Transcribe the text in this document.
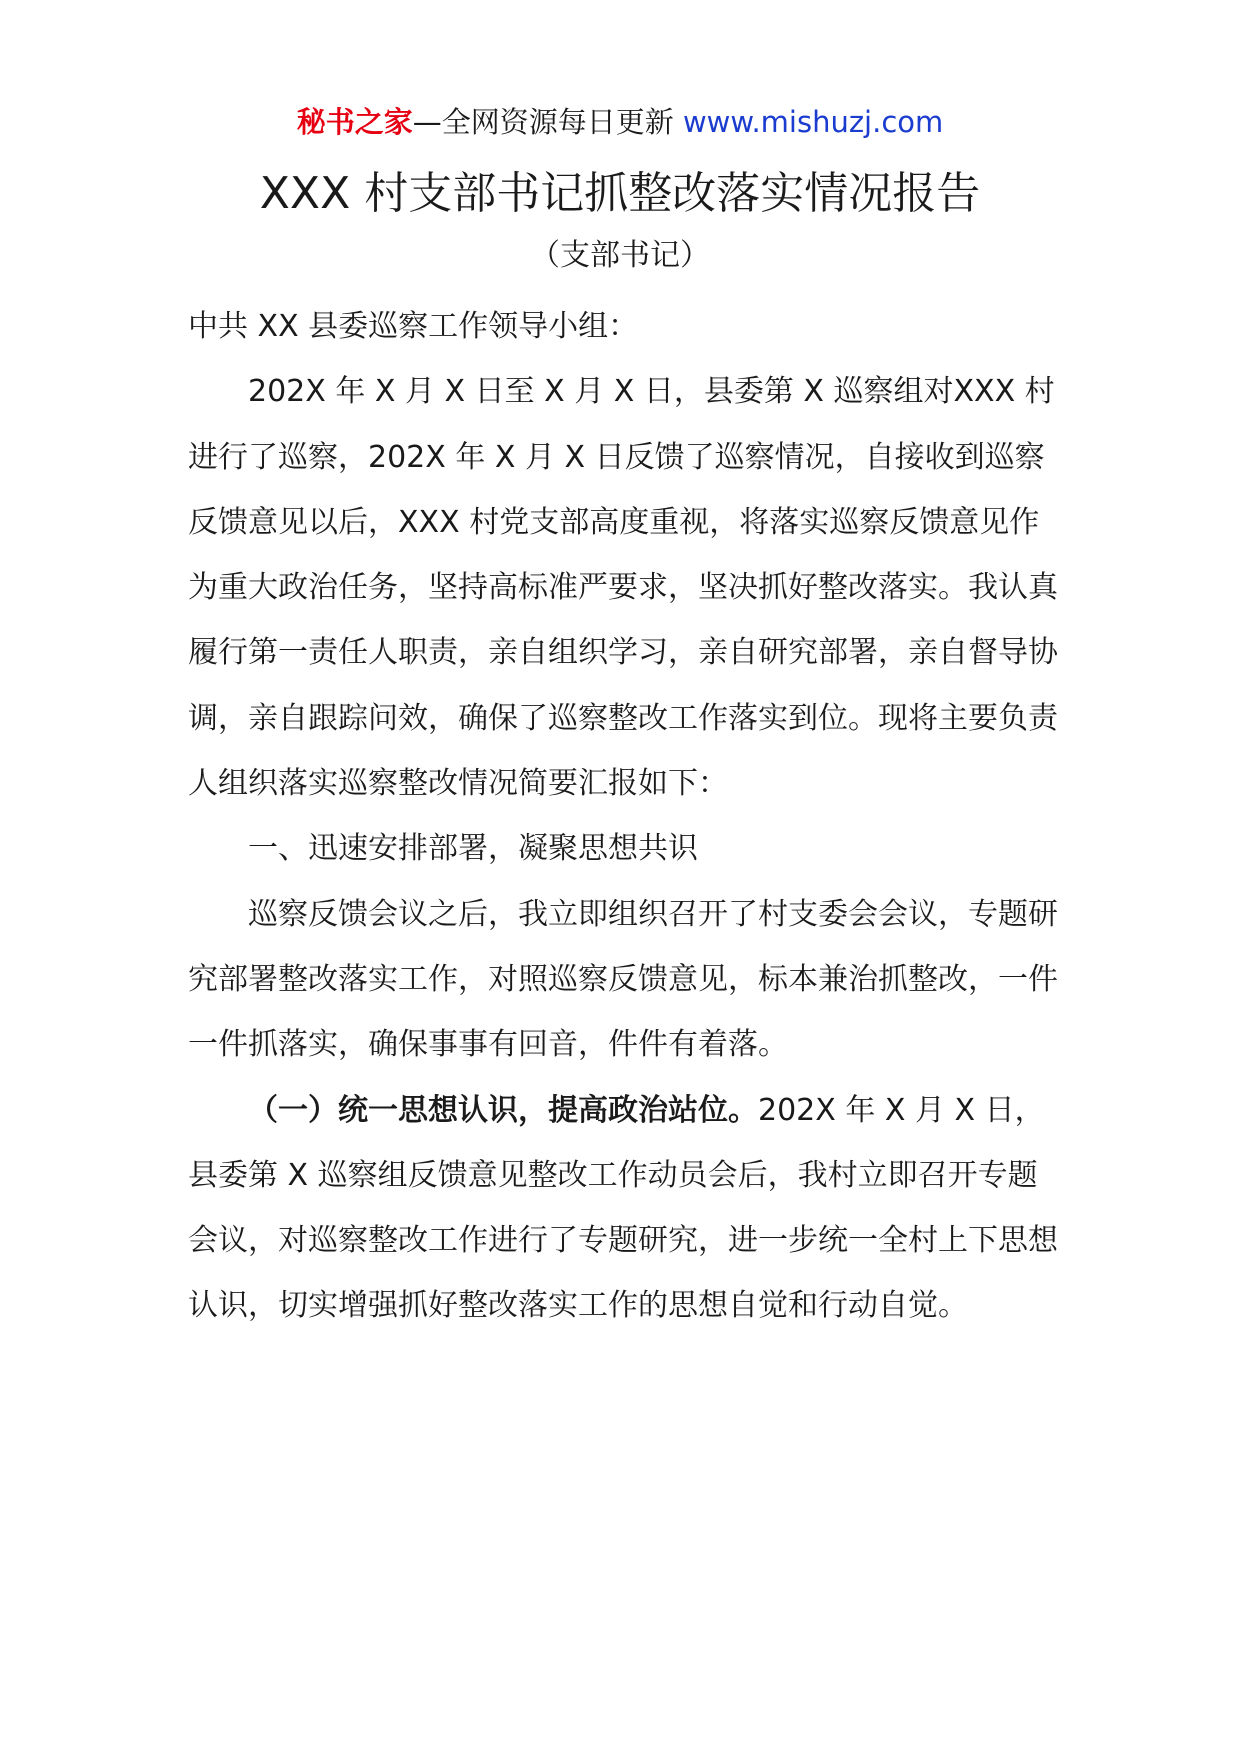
秘书之家—全网资源每日更新 www.mishuzj.com
XXX 村支部书记抓整改落实情况报告
（支部书记）

中共 XX 县委巡察工作领导小组：

202X 年 X 月 X 日至 X 月 X 日，县委第 X 巡察组对XXX 村进行了巡察，202X 年 X 月 X 日反馈了巡察情况，自接收到巡察反馈意见以后，XXX 村党支部高度重视，将落实巡察反馈意见作为重大政治任务，坚持高标准严要求，坚决抓好整改落实。我认真履行第一责任人职责，亲自组织学习，亲自研究部署，亲自督导协调，亲自跟踪问效，确保了巡察整改工作落实到位。现将主要负责人组织落实巡察整改情况简要汇报如下：

一、迅速安排部署，凝聚思想共识

巡察反馈会议之后，我立即组织召开了村支委会会议，专题研究部署整改落实工作，对照巡察反馈意见，标本兼治抓整改，一件一件抓落实，确保事事有回音，件件有着落。

（一）统一思想认识，提高政治站位。202X 年 X 月 X 日，县委第 X 巡察组反馈意见整改工作动员会后，我村立即召开专题会议，对巡察整改工作进行了专题研究，进一步统一全村上下思想认识，切实增强抓好整改落实工作的思想自觉和行动自觉。
